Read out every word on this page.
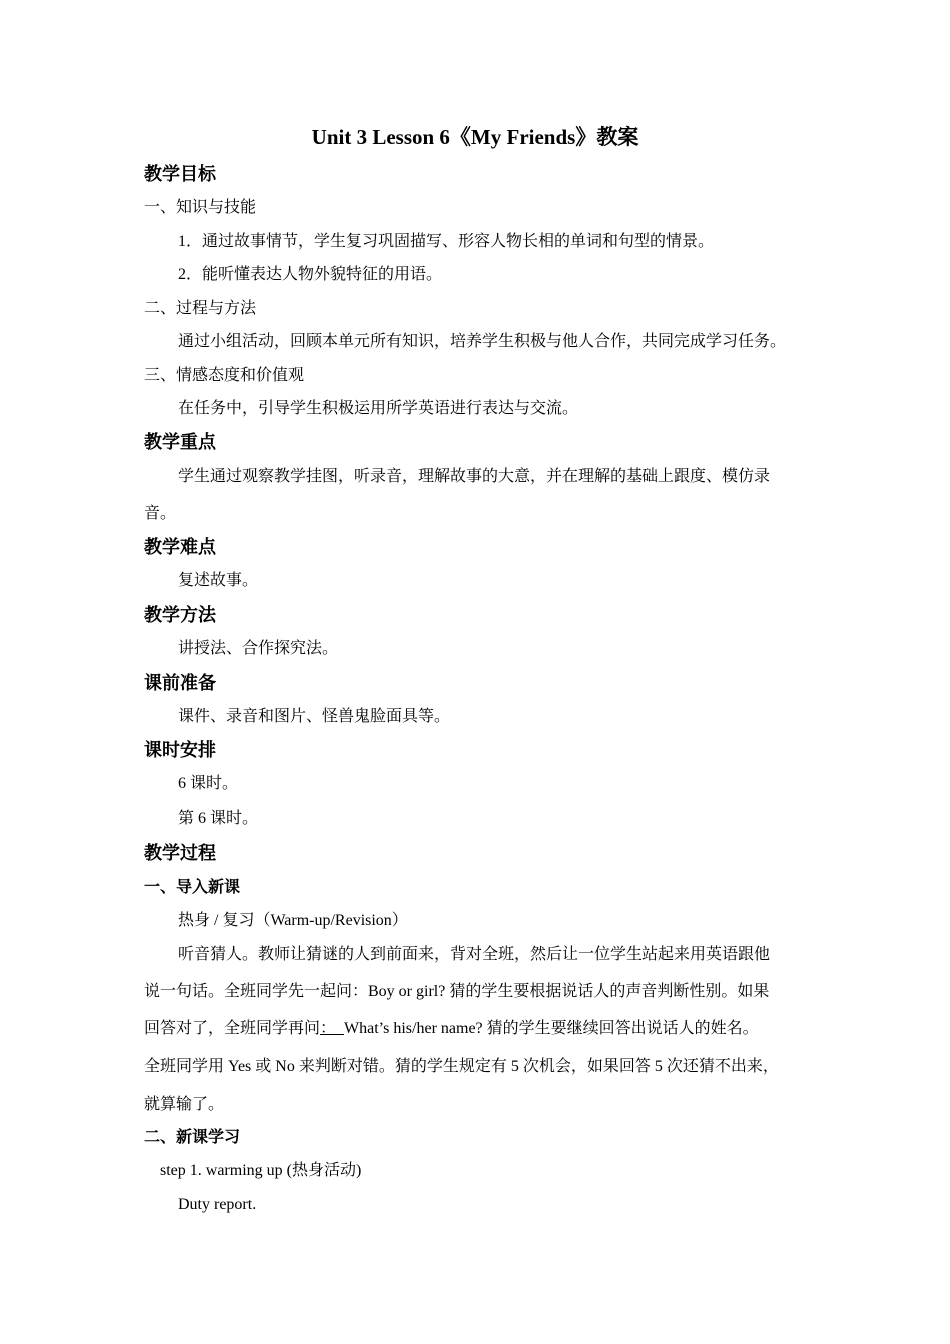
Unit 3 Lesson 6《My Friends》教案
教学目标
一、知识与技能
1．通过故事情节，学生复习巩固描写、形容人物长相的单词和句型的情景。
2．能听懂表达人物外貌特征的用语。
二、过程与方法
通过小组活动，回顾本单元所有知识，培养学生积极与他人合作，共同完成学习任务。
三、情感态度和价值观
在任务中，引导学生积极运用所学英语进行表达与交流。
教学重点
学生通过观察教学挂图，听录音，理解故事的大意，并在理解的基础上跟度、模仿录
音。
教学难点
复述故事。
教学方法
讲授法、合作探究法。
课前准备
课件、录音和图片、怪兽鬼脸面具等。
课时安排
6 课时。
第 6 课时。
教学过程
一、导入新课
热身 / 复习（Warm-up/Revision）
听音猜人。教师让猜谜的人到前面来，背对全班，然后让一位学生站起来用英语跟他
说一句话。全班同学先一起问：Boy or girl? 猜的学生要根据说话人的声音判断性别。如果
回答对了，全班同学再问： What’s his/her name? 猜的学生要继续回答出说话人的姓名。
全班同学用 Yes 或 No 来判断对错。猜的学生规定有 5 次机会，如果回答 5 次还猜不出来，
就算输了。
二、新课学习
step 1. warming up (热身活动)
Duty report.
